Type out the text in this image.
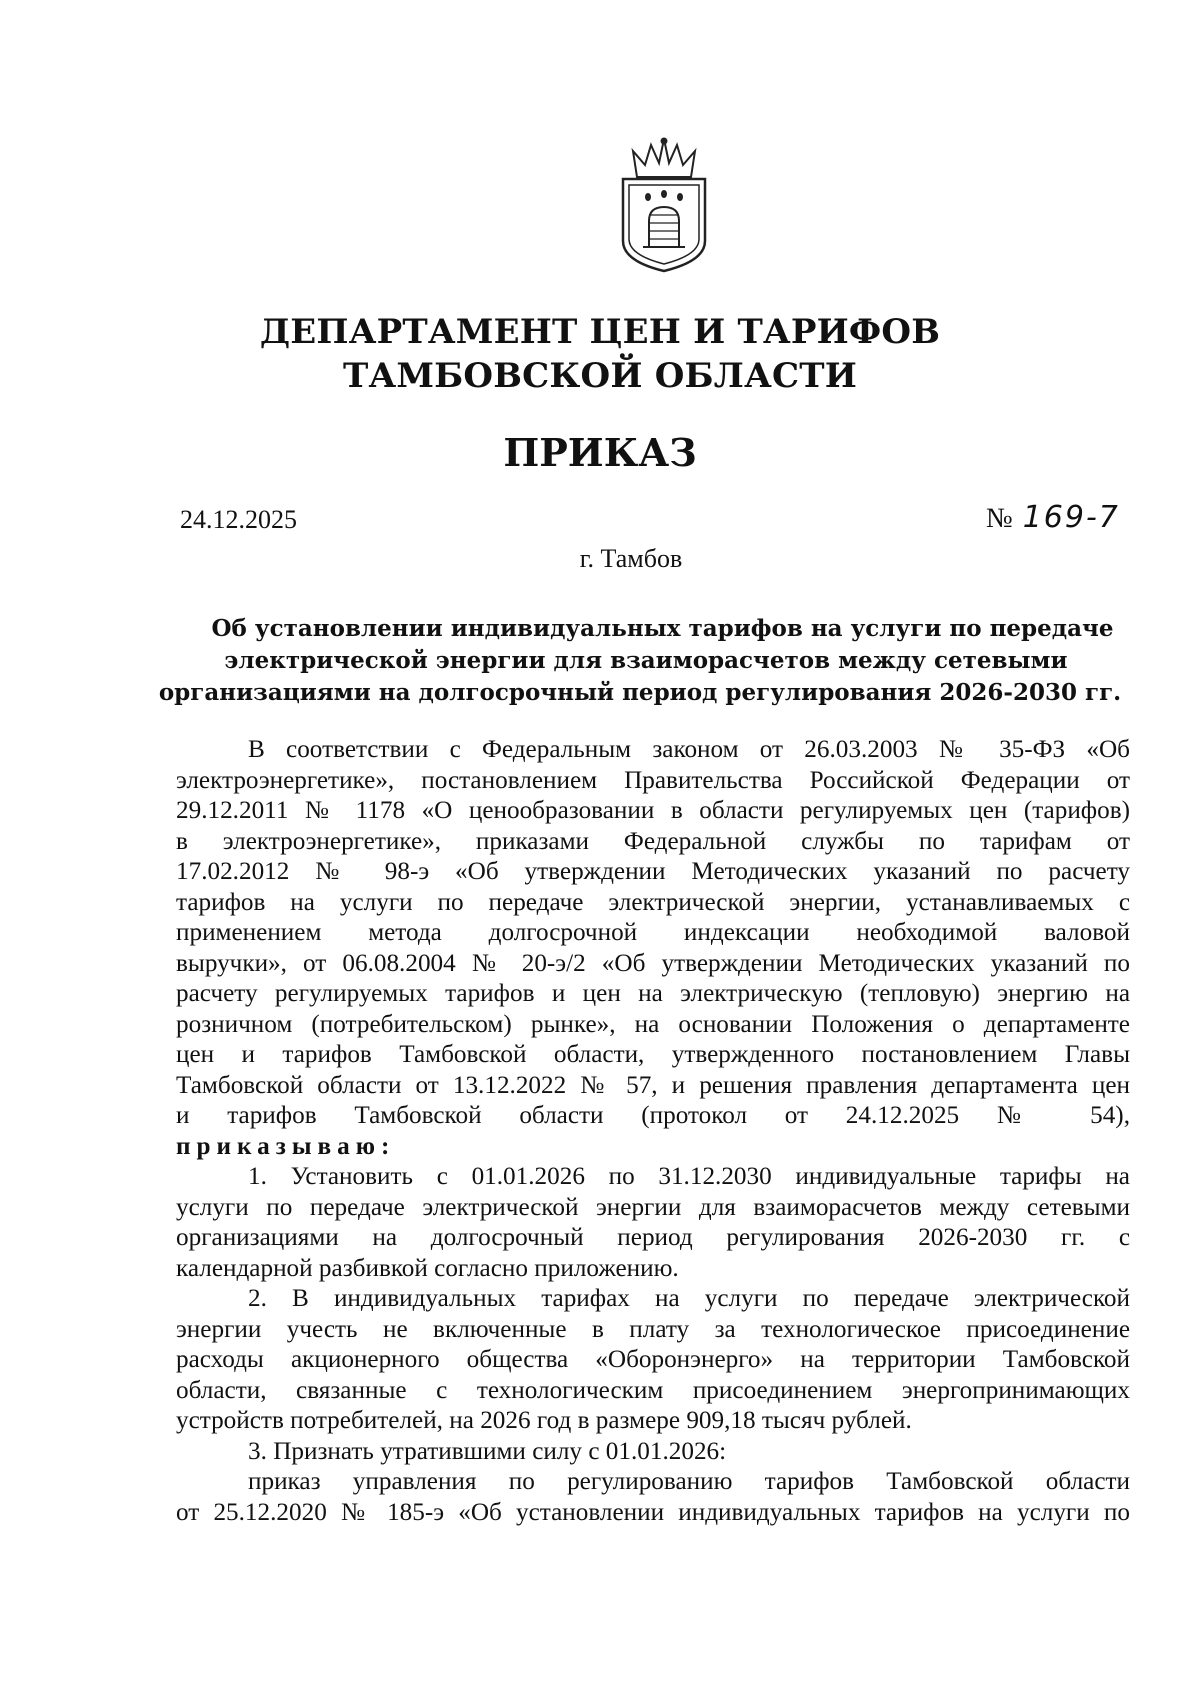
ДЕПАРТАМЕНТ ЦЕН И ТАРИФОВ
ТАМБОВСКОЙ ОБЛАСТИ
ПРИКАЗ
24.12.2025	№ 169-7
г. Тамбов
Об установлении индивидуальных тарифов на услуги по передаче
электрической энергии для взаиморасчетов между сетевыми
организациями на долгосрочный период регулирования 2026-2030 гг.
В соответствии с Федеральным законом от 26.03.2003 № 35-ФЗ «Об
электроэнергетике», постановлением Правительства Российской Федерации от
29.12.2011 № 1178 «О ценообразовании в области регулируемых цен (тарифов)
в электроэнергетике», приказами Федеральной службы по тарифам от
17.02.2012 № 98-э «Об утверждении Методических указаний по расчету
тарифов на услуги по передаче электрической энергии, устанавливаемых с
применением метода долгосрочной индексации необходимой валовой
выручки», от 06.08.2004 № 20-э/2 «Об утверждении Методических указаний по
расчету регулируемых тарифов и цен на электрическую (тепловую) энергию на
розничном (потребительском) рынке», на основании Положения о департаменте
цен и тарифов Тамбовской области, утвержденного постановлением Главы
Тамбовской области от 13.12.2022 № 57, и решения правления департамента цен
и тарифов Тамбовской области (протокол от 24.12.2025 № 54),
приказываю:
1. Установить с 01.01.2026 по 31.12.2030 индивидуальные тарифы на
услуги по передаче электрической энергии для взаиморасчетов между сетевыми
организациями на долгосрочный период регулирования 2026-2030 гг. с
календарной разбивкой согласно приложению.
2. В индивидуальных тарифах на услуги по передаче электрической
энергии учесть не включенные в плату за технологическое присоединение
расходы акционерного общества «Оборонэнерго» на территории Тамбовской
области, связанные с технологическим присоединением энергопринимающих
устройств потребителей, на 2026 год в размере 909,18 тысяч рублей.
3. Признать утратившими силу с 01.01.2026:
приказ управления по регулированию тарифов Тамбовской области
от 25.12.2020 № 185-э «Об установлении индивидуальных тарифов на услуги по
